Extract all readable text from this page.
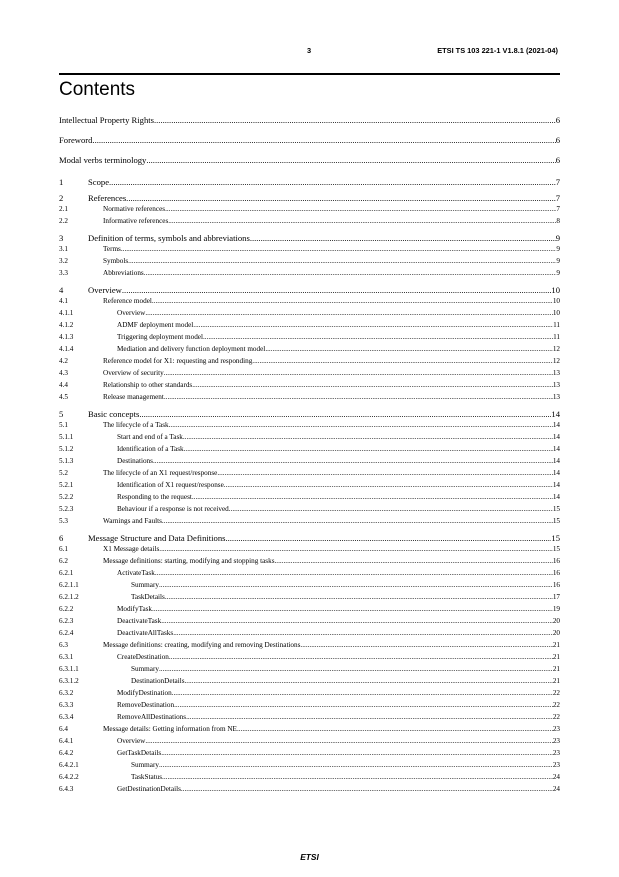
3	ETSI TS 103 221-1 V1.8.1 (2021-04)
Contents
Intellectual Property Rights .....	6
Foreword .....	6
Modal verbs terminology .....	6
1	Scope .....	7
2	References .....	7
2.1	Normative references .....	7
2.2	Informative references .....	8
3	Definition of terms, symbols and abbreviations .....	9
3.1	Terms .....	9
3.2	Symbols .....	9
3.3	Abbreviations .....	9
4	Overview .....	10
4.1	Reference model .....	10
4.1.1	Overview .....	10
4.1.2	ADMF deployment model .....	11
4.1.3	Triggering deployment model .....	11
4.1.4	Mediation and delivery function deployment model .....	12
4.2	Reference model for X1: requesting and responding .....	12
4.3	Overview of security .....	13
4.4	Relationship to other standards .....	13
4.5	Release management .....	13
5	Basic concepts .....	14
5.1	The lifecycle of a Task .....	14
5.1.1	Start and end of a Task .....	14
5.1.2	Identification of a Task .....	14
5.1.3	Destinations .....	14
5.2	The lifecycle of an X1 request/response .....	14
5.2.1	Identification of X1 request/response .....	14
5.2.2	Responding to the request .....	14
5.2.3	Behaviour if a response is not received .....	15
5.3	Warnings and Faults .....	15
6	Message Structure and Data Definitions .....	15
6.1	X1 Message details .....	15
6.2	Message definitions: starting, modifying and stopping tasks .....	16
6.2.1	ActivateTask .....	16
6.2.1.1	Summary .....	16
6.2.1.2	TaskDetails .....	17
6.2.2	ModifyTask .....	19
6.2.3	DeactivateTask .....	20
6.2.4	DeactivateAllTasks .....	20
6.3	Message definitions: creating, modifying and removing Destinations .....	21
6.3.1	CreateDestination .....	21
6.3.1.1	Summary .....	21
6.3.1.2	DestinationDetails .....	21
6.3.2	ModifyDestination .....	22
6.3.3	RemoveDestination .....	22
6.3.4	RemoveAllDestinations .....	22
6.4	Message details: Getting information from NE .....	23
6.4.1	Overview .....	23
6.4.2	GetTaskDetails .....	23
6.4.2.1	Summary .....	23
6.4.2.2	TaskStatus .....	24
6.4.3	GetDestinationDetails .....	24
ETSI
